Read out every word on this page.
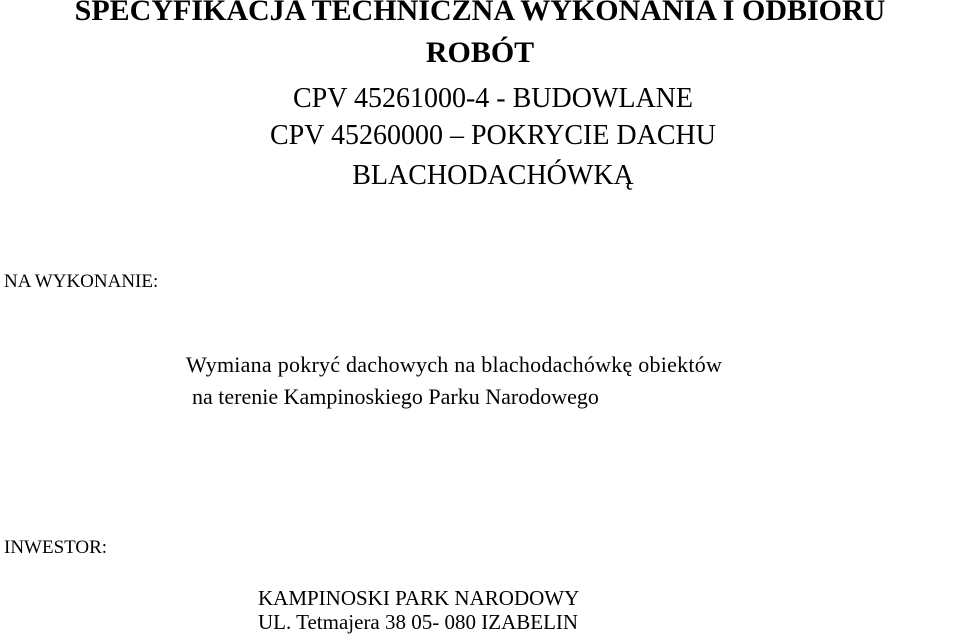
SPECYFIKACJA TECHNICZNA WYKONANIA I ODBIORU

ROBÓT

CPV 45261000-4 - BUDOWLANE

CPV 45260000 – POKRYCIE DACHU

BLACHODACHÓWKĄ

NA WYKONANIE:

Wymiana pokryć dachowych na blachodachówkę obiektów

na terenie Kampinoskiego Parku Narodowego

INWESTOR:

KAMPINOSKI PARK NARODOWY

UL. Tetmajera 38 05- 080 IZABELIN
